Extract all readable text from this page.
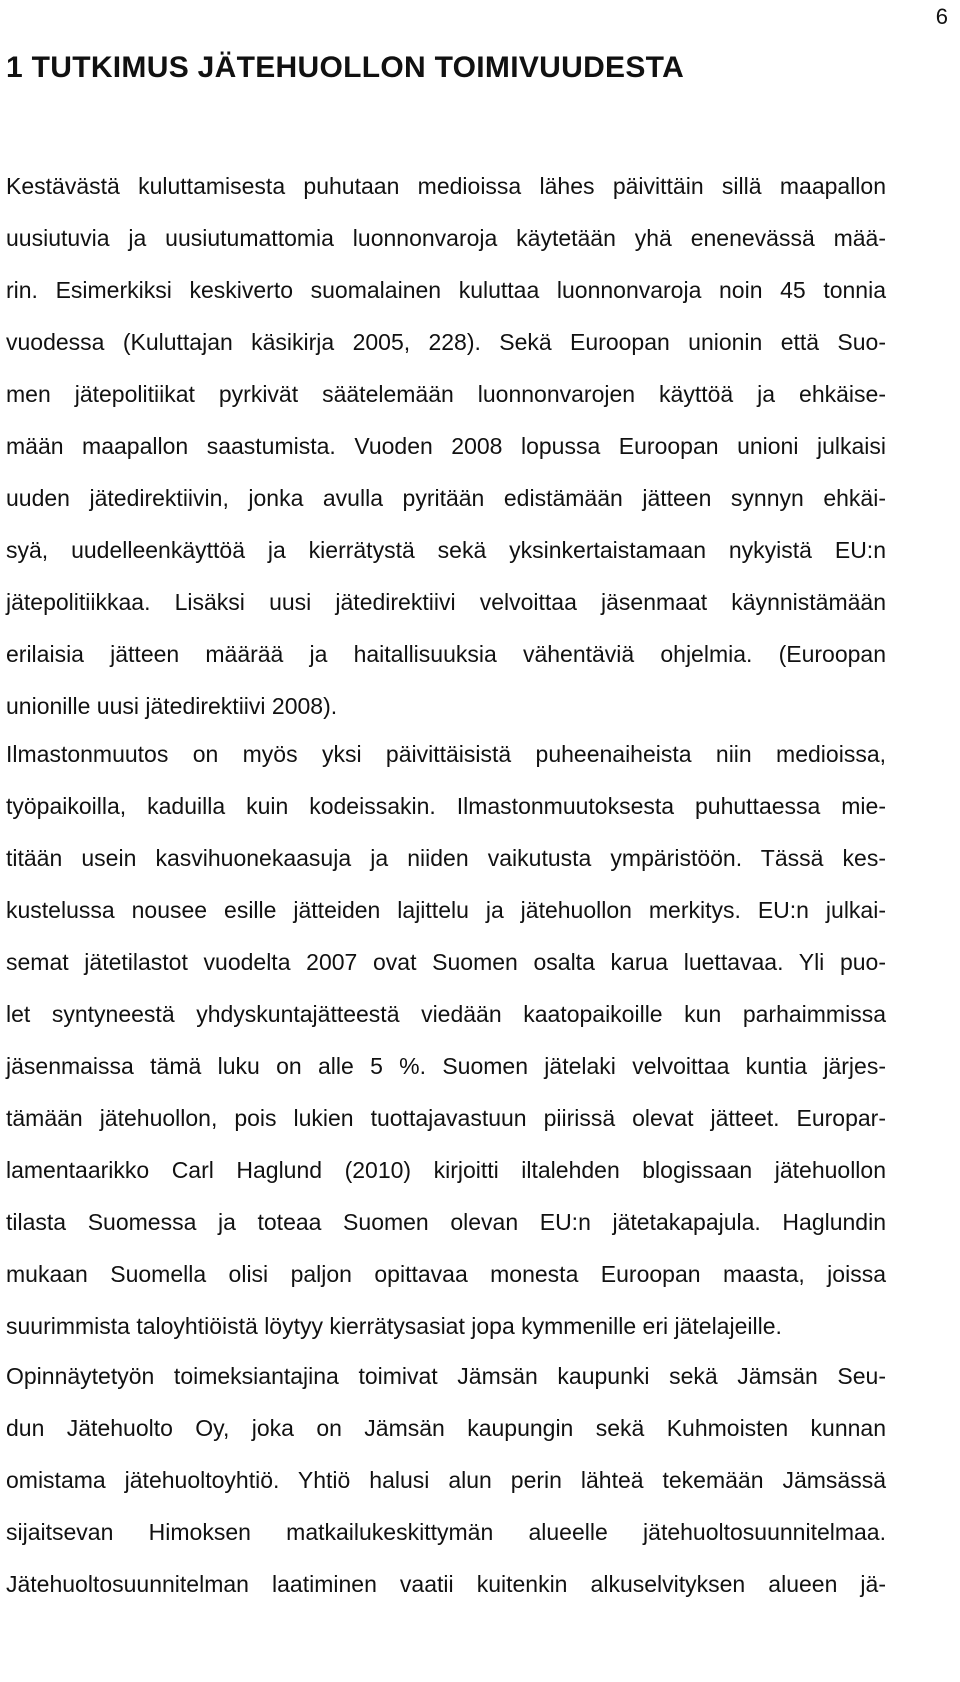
6
1 TUTKIMUS JÄTEHUOLLON TOIMIVUUDESTA
Kestävästä kuluttamisesta puhutaan medioissa lähes päivittäin sillä maapallon
uusiutuvia ja uusiutumattomia luonnonvaroja käytetään yhä enenevässä mää-
rin. Esimerkiksi keskiverto suomalainen kuluttaa luonnonvaroja noin 45 tonnia
vuodessa (Kuluttajan käsikirja 2005, 228). Sekä Euroopan unionin että Suo-
men jätepolitiikat pyrkivät säätelemään luonnonvarojen käyttöä ja ehkäise-
mään maapallon saastumista. Vuoden 2008 lopussa Euroopan unioni julkaisi
uuden jätedirektiivin, jonka avulla pyritään edistämään jätteen synnyn ehkäi-
syä, uudelleenkäyttöä ja kierrätystä sekä yksinkertaistamaan nykyistä EU:n
jätepolitiikkaa. Lisäksi uusi jätedirektiivi velvoittaa jäsenmaat käynnistämään
erilaisia jätteen määrää ja haitallisuuksia vähentäviä ohjelmia. (Euroopan
unionille uusi jätedirektiivi 2008).
Ilmastonmuutos on myös yksi päivittäisistä puheenaiheista niin medioissa,
työpaikoilla, kaduilla kuin kodeissakin. Ilmastonmuutoksesta puhuttaessa mie-
titään usein kasvihuonekaasuja ja niiden vaikutusta ympäristöön. Tässä kes-
kustelussa nousee esille jätteiden lajittelu ja jätehuollon merkitys. EU:n julkai-
semat jätetilastot vuodelta 2007 ovat Suomen osalta karua luettavaa. Yli puo-
let syntyneestä yhdyskuntajätteestä viedään kaatopaikoille kun parhaimmissa
jäsenmaissa tämä luku on alle 5 %. Suomen jätelaki velvoittaa kuntia järjes-
tämään jätehuollon, pois lukien tuottajavastuun piirissä olevat jätteet. Europar-
lamentaarikko Carl Haglund (2010) kirjoitti iltalehden blogissaan jätehuollon
tilasta Suomessa ja toteaa Suomen olevan EU:n jätetakapajula. Haglundin
mukaan Suomella olisi paljon opittavaa monesta Euroopan maasta, joissa
suurimmista taloyhtiöistä löytyy kierrätysasiat jopa kymmenille eri jätelajeille.
Opinnäytetyön toimeksiantajina toimivat Jämsän kaupunki sekä Jämsän Seu-
dun Jätehuolto Oy, joka on Jämsän kaupungin sekä Kuhmoisten kunnan
omistama jätehuoltoyhtiö. Yhtiö halusi alun perin lähteä tekemään Jämsässä
sijaitsevan Himoksen matkailukeskittymän alueelle jätehuoltosuunnitelmaa.
Jätehuoltosuunnitelman laatiminen vaatii kuitenkin alkuselvityksen alueen jä-
